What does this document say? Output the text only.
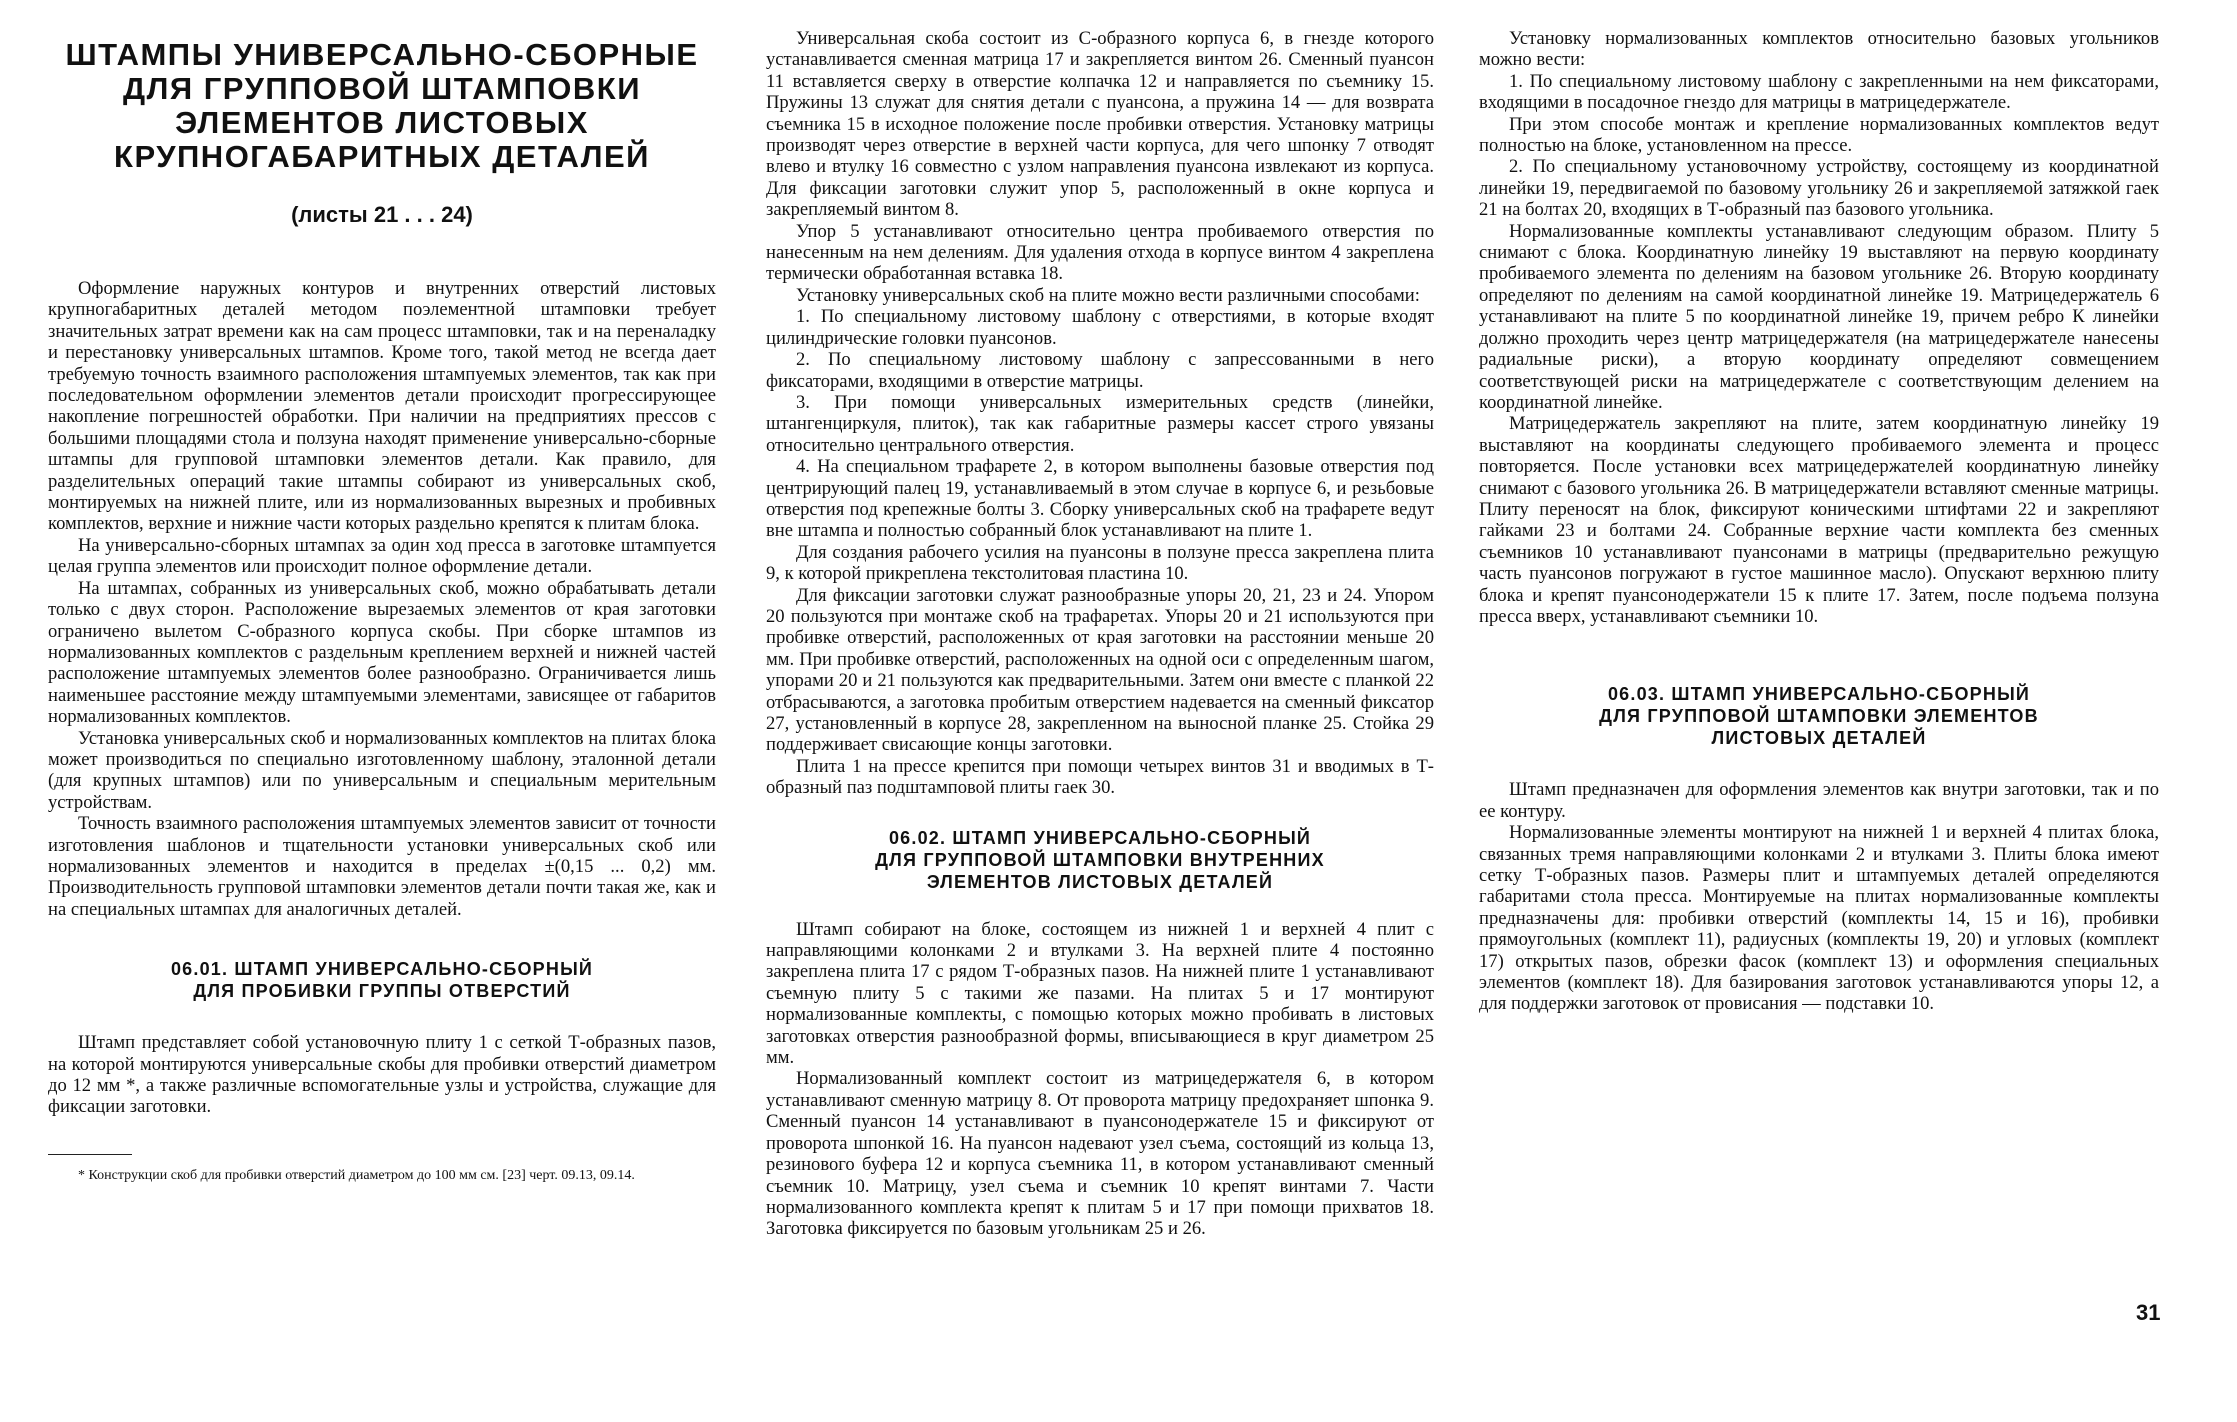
ШТАМПЫ УНИВЕРСАЛЬНО-СБОРНЫЕ
ДЛЯ ГРУППОВОЙ ШТАМПОВКИ
ЭЛЕМЕНТОВ ЛИСТОВЫХ
КРУПНОГАБАРИТНЫХ ДЕТАЛЕЙ
(листы 21 . . . 24)

Оформление наружных контуров и внутренних отверстий листовых крупногабаритных деталей методом поэлементной штамповки требует значительных затрат времени как на сам процесс штамповки, так и на переналадку и перестановку универсальных штампов. Кроме того, такой метод не всегда дает требуемую точность взаимного расположения штампуемых элементов, так как при последовательном оформлении элементов детали происходит прогрессирующее накопление погрешностей обработки. При наличии на предприятиях прессов с большими площадями стола и ползуна находят применение универсально-сборные штампы для групповой штамповки элементов детали. Как правило, для разделительных операций такие штампы собирают из универсальных скоб, монтируемых на нижней плите, или из нормализованных вырезных и пробивных комплектов, верхние и нижние части которых раздельно крепятся к плитам блока.

На универсально-сборных штампах за один ход пресса в заготовке штампуется целая группа элементов или происходит полное оформление детали.

На штампах, собранных из универсальных скоб, можно обрабатывать детали только с двух сторон. Расположение вырезаемых элементов от края заготовки ограничено вылетом С-образного корпуса скобы. При сборке штампов из нормализованных комплектов с раздельным креплением верхней и нижней частей расположение штампуемых элементов более разнообразно. Ограничивается лишь наименьшее расстояние между штампуемыми элементами, зависящее от габаритов нормализованных комплектов.

Установка универсальных скоб и нормализованных комплектов на плитах блока может производиться по специально изготовленному шаблону, эталонной детали (для крупных штампов) или по универсальным и специальным мерительным устройствам.

Точность взаимного расположения штампуемых элементов зависит от точности изготовления шаблонов и тщательности установки универсальных скоб или нормализованных элементов и находится в пределах ±(0,15 ... 0,2) мм. Производительность групповой штамповки элементов детали почти такая же, как и на специальных штампах для аналогичных деталей.

06.01. ШТАМП УНИВЕРСАЛЬНО-СБОРНЫЙ
ДЛЯ ПРОБИВКИ ГРУППЫ ОТВЕРСТИЙ

Штамп представляет собой установочную плиту 1 с сеткой Т-образных пазов, на которой монтируются универсальные скобы для пробивки отверстий диаметром до 12 мм *, а также различные вспомогательные узлы и устройства, служащие для фиксации заготовки.

* Конструкции скоб для пробивки отверстий диаметром до 100 мм см. [23] черт. 09.13, 09.14.

Универсальная скоба состоит из С-образного корпуса 6, в гнезде которого устанавливается сменная матрица 17 и закрепляется винтом 26. Сменный пуансон 11 вставляется сверху в отверстие колпачка 12 и направляется по съемнику 15. Пружины 13 служат для снятия детали с пуансона, а пружина 14 — для возврата съемника 15 в исходное положение после пробивки отверстия. Установку матрицы производят через отверстие в верхней части корпуса, для чего шпонку 7 отводят влево и втулку 16 совместно с узлом направления пуансона извлекают из корпуса. Для фиксации заготовки служит упор 5, расположенный в окне корпуса и закрепляемый винтом 8.

Упор 5 устанавливают относительно центра пробиваемого отверстия по нанесенным на нем делениям. Для удаления отхода в корпусе винтом 4 закреплена термически обработанная вставка 18.

Установку универсальных скоб на плите можно вести различными способами:

1. По специальному листовому шаблону с отверстиями, в которые входят цилиндрические головки пуансонов.

2. По специальному листовому шаблону с запрессованными в него фиксаторами, входящими в отверстие матрицы.

3. При помощи универсальных измерительных средств (линейки, штангенциркуля, плиток), так как габаритные размеры кассет строго увязаны относительно центрального отверстия.

4. На специальном трафарете 2, в котором выполнены базовые отверстия под центрирующий палец 19, устанавливаемый в этом случае в корпусе 6, и резьбовые отверстия под крепежные болты 3. Сборку универсальных скоб на трафарете ведут вне штампа и полностью собранный блок устанавливают на плите 1.

Для создания рабочего усилия на пуансоны в ползуне пресса закреплена плита 9, к которой прикреплена текстолитовая пластина 10.

Для фиксации заготовки служат разнообразные упоры 20, 21, 23 и 24. Упором 20 пользуются при монтаже скоб на трафаретах. Упоры 20 и 21 используются при пробивке отверстий, расположенных от края заготовки на расстоянии меньше 20 мм. При пробивке отверстий, расположенных на одной оси с определенным шагом, упорами 20 и 21 пользуются как предварительными. Затем они вместе с планкой 22 отбрасываются, а заготовка пробитым отверстием надевается на сменный фиксатор 27, установленный в корпусе 28, закрепленном на выносной планке 25. Стойка 29 поддерживает свисающие концы заготовки.

Плита 1 на прессе крепится при помощи четырех винтов 31 и вводимых в Т-образный паз подштамповой плиты гаек 30.

06.02. ШТАМП УНИВЕРСАЛЬНО-СБОРНЫЙ
ДЛЯ ГРУППОВОЙ ШТАМПОВКИ ВНУТРЕННИХ
ЭЛЕМЕНТОВ ЛИСТОВЫХ ДЕТАЛЕЙ

Штамп собирают на блоке, состоящем из нижней 1 и верхней 4 плит с направляющими колонками 2 и втулками 3. На верхней плите 4 постоянно закреплена плита 17 с рядом Т-образных пазов. На нижней плите 1 устанавливают съемную плиту 5 с такими же пазами. На плитах 5 и 17 монтируют нормализованные комплекты, с помощью которых можно пробивать в листовых заготовках отверстия разнообразной формы, вписывающиеся в круг диаметром 25 мм.

Нормализованный комплект состоит из матрицедержателя 6, в котором устанавливают сменную матрицу 8. От проворота матрицу предохраняет шпонка 9. Сменный пуансон 14 устанавливают в пуансонодержателе 15 и фиксируют от проворота шпонкой 16. На пуансон надевают узел съема, состоящий из кольца 13, резинового буфера 12 и корпуса съемника 11, в котором устанавливают сменный съемник 10. Матрицу, узел съема и съемник 10 крепят винтами 7. Части нормализованного комплекта крепят к плитам 5 и 17 при помощи прихватов 18. Заготовка фиксируется по базовым угольникам 25 и 26.

Установку нормализованных комплектов относительно базовых угольников можно вести:

1. По специальному листовому шаблону с закрепленными на нем фиксаторами, входящими в посадочное гнездо для матрицы в матрицедержателе.

При этом способе монтаж и крепление нормализованных комплектов ведут полностью на блоке, установленном на прессе.

2. По специальному установочному устройству, состоящему из координатной линейки 19, передвигаемой по базовому угольнику 26 и закрепляемой затяжкой гаек 21 на болтах 20, входящих в Т-образный паз базового угольника.

Нормализованные комплекты устанавливают следующим образом. Плиту 5 снимают с блока. Координатную линейку 19 выставляют на первую координату пробиваемого элемента по делениям на базовом угольнике 26. Вторую координату определяют по делениям на самой координатной линейке 19. Матрицедержатель 6 устанавливают на плите 5 по координатной линейке 19, причем ребро К линейки должно проходить через центр матрицедержателя (на матрицедержателе нанесены радиальные риски), а вторую координату определяют совмещением соответствующей риски на матрицедержателе с соответствующим делением на координатной линейке.

Матрицедержатель закрепляют на плите, затем координатную линейку 19 выставляют на координаты следующего пробиваемого элемента и процесс повторяется. После установки всех матрицедержателей координатную линейку снимают с базового угольника 26. В матрицедержатели вставляют сменные матрицы. Плиту переносят на блок, фиксируют коническими штифтами 22 и закрепляют гайками 23 и болтами 24. Собранные верхние части комплекта без сменных съемников 10 устанавливают пуансонами в матрицы (предварительно режущую часть пуансонов погружают в густое машинное масло). Опускают верхнюю плиту блока и крепят пуансонодержатели 15 к плите 17. Затем, после подъема ползуна пресса вверх, устанавливают съемники 10.

06.03. ШТАМП УНИВЕРСАЛЬНО-СБОРНЫЙ
ДЛЯ ГРУППОВОЙ ШТАМПОВКИ ЭЛЕМЕНТОВ
ЛИСТОВЫХ ДЕТАЛЕЙ

Штамп предназначен для оформления элементов как внутри заготовки, так и по ее контуру.

Нормализованные элементы монтируют на нижней 1 и верхней 4 плитах блока, связанных тремя направляющими колонками 2 и втулками 3. Плиты блока имеют сетку Т-образных пазов. Размеры плит и штампуемых деталей определяются габаритами стола пресса. Монтируемые на плитах нормализованные комплекты предназначены для: пробивки отверстий (комплекты 14, 15 и 16), пробивки прямоугольных (комплект 11), радиусных (комплекты 19, 20) и угловых (комплект 17) открытых пазов, обрезки фасок (комплект 13) и оформления специальных элементов (комплект 18). Для базирования заготовок устанавливаются упоры 12, а для поддержки заготовок от провисания — подставки 10.

31
